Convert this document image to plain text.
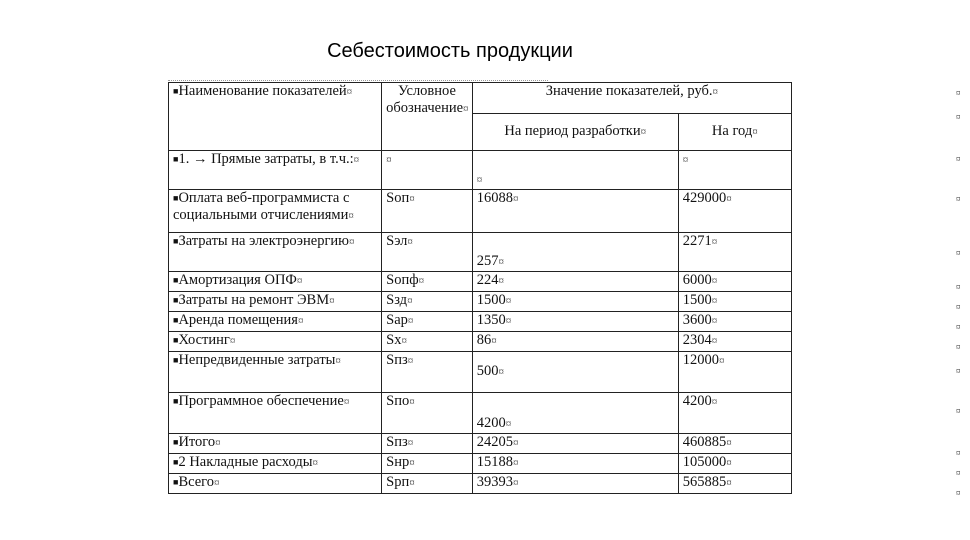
Себестоимость продукции
■Наименование показателей¤	Условное обозначение¤	Значение показателей, руб.¤	
		На период разработки¤	На год¤
■1. → Прямые затраты, в т.ч.:¤	¤	¤	¤
■Оплата веб-программиста с социальными отчислениями¤	Sоп¤	16088¤	429000¤
■Затраты на электроэнергию¤	Sэл¤	257¤	2271¤
■Амортизация ОПФ¤	Sопф¤	224¤	6000¤
■Затраты на ремонт ЭВМ¤	Sзд¤	1500¤	1500¤
■Аренда помещения¤	Sар¤	1350¤	3600¤
■Хостинг¤	Sх¤	86¤	2304¤
■Непредвиденные затраты¤	Sпз¤	500¤	12000¤
■Программное обеспечение¤	Sпо¤	4200¤	4200¤
■Итого¤	Sпз¤	24205¤	460885¤
■2 Накладные расходы¤	Sнр¤	15188¤	105000¤
■Всего¤	Sрп¤	39393¤	565885¤
¤
¤
¤
¤
¤
¤
¤
¤
¤
¤
¤
¤
¤
¤
